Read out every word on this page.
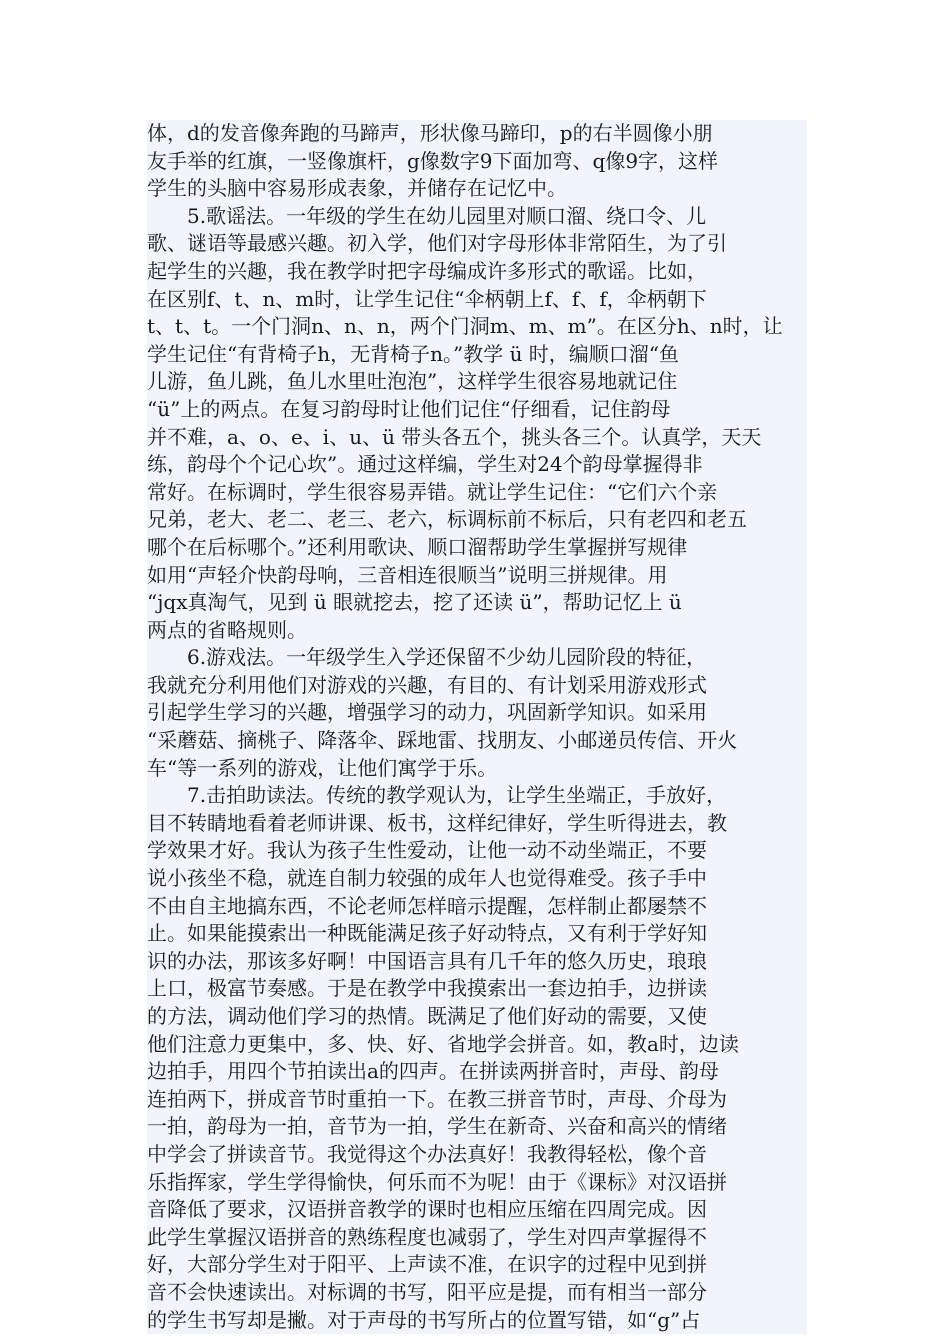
体，d的发音像奔跑的马蹄声，形状像马蹄印，p的右半圆像小朋
友手举的红旗，一竖像旗杆，g像数字9下面加弯、q像9字，这样
学生的头脑中容易形成表象，并储存在记忆中。
　　5.歌谣法。一年级的学生在幼儿园里对顺口溜、绕口令、儿
歌、谜语等最感兴趣。初入学，他们对字母形体非常陌生，为了引
起学生的兴趣，我在教学时把字母编成许多形式的歌谣。比如，
在区别f、t、n、m时，让学生记住“伞柄朝上f、f、f，伞柄朝下
t、t、t。一个门洞n、n、n，两个门洞m、m、m”。在区分h、n时，让
学生记住“有背椅子h，无背椅子n。”教学 ü 时，编顺口溜“鱼
儿游，鱼儿跳，鱼儿水里吐泡泡”，这样学生很容易地就记住
“ü”上的两点。在复习韵母时让他们记住“仔细看，记住韵母
并不难，a、o、e、i、u、ü 带头各五个，挑头各三个。认真学，天天
练，韵母个个记心坎”。通过这样编，学生对24个韵母掌握得非
常好。在标调时，学生很容易弄错。就让学生记住：“它们六个亲
兄弟，老大、老二、老三、老六，标调标前不标后，只有老四和老五
哪个在后标哪个。”还利用歌诀、顺口溜帮助学生掌握拼写规律
如用“声轻介快韵母响，三音相连很顺当”说明三拼规律。用
“jqx真淘气，见到 ü 眼就挖去，挖了还读 ü”，帮助记忆上 ü
两点的省略规则。
　　6.游戏法。一年级学生入学还保留不少幼儿园阶段的特征，
我就充分利用他们对游戏的兴趣，有目的、有计划采用游戏形式
引起学生学习的兴趣，增强学习的动力，巩固新学知识。如采用
“采蘑菇、摘桃子、降落伞、踩地雷、找朋友、小邮递员传信、开火
车“等一系列的游戏，让他们寓学于乐。
　　7.击拍助读法。传统的教学观认为，让学生坐端正，手放好，
目不转睛地看着老师讲课、板书，这样纪律好，学生听得进去，教
学效果才好。我认为孩子生性爱动，让他一动不动坐端正，不要
说小孩坐不稳，就连自制力较强的成年人也觉得难受。孩子手中
不由自主地搞东西，不论老师怎样暗示提醒，怎样制止都屡禁不
止。如果能摸索出一种既能满足孩子好动特点，又有利于学好知
识的办法，那该多好啊！中国语言具有几千年的悠久历史，琅琅
上口，极富节奏感。于是在教学中我摸索出一套边拍手，边拼读
的方法，调动他们学习的热情。既满足了他们好动的需要，又使
他们注意力更集中，多、快、好、省地学会拼音。如，教a时，边读
边拍手，用四个节拍读出a的四声。在拼读两拼音时，声母、韵母
连拍两下，拼成音节时重拍一下。在教三拼音节时，声母、介母为
一拍，韵母为一拍，音节为一拍，学生在新奇、兴奋和高兴的情绪
中学会了拼读音节。我觉得这个办法真好！我教得轻松，像个音
乐指挥家，学生学得愉快，何乐而不为呢！由于《课标》对汉语拼
音降低了要求，汉语拼音教学的课时也相应压缩在四周完成。因
此学生掌握汉语拼音的熟练程度也减弱了，学生对四声掌握得不
好，大部分学生对于阳平、上声读不准，在识字的过程中见到拼
音不会快速读出。对标调的书写，阳平应是提，而有相当一部分
的学生书写却是撇。对于声母的书写所占的位置写错，如“g”占
